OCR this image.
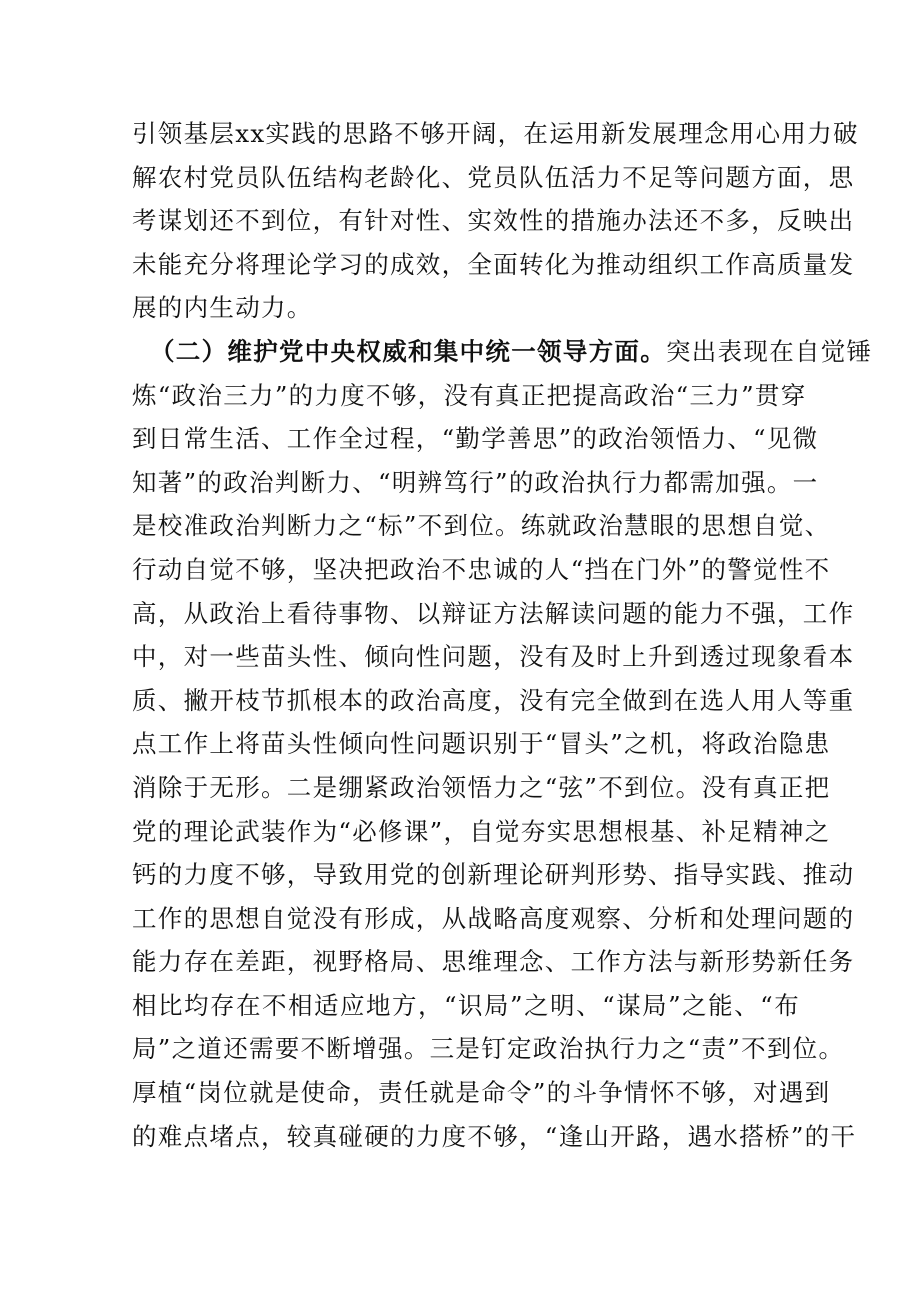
引领基层xx实践的思路不够开阔，在运用新发展理念用心用力破
解农村党员队伍结构老龄化、党员队伍活力不足等问题方面，思
考谋划还不到位，有针对性、实效性的措施办法还不多，反映出
未能充分将理论学习的成效，全面转化为推动组织工作高质量发
展的内生动力。
（二）维护党中央权威和集中统一领导方面。突出表现在自觉锤
炼“政治三力”的力度不够，没有真正把提高政治“三力”贯穿
到日常生活、工作全过程，“勤学善思”的政治领悟力、“见微
知著”的政治判断力、“明辨笃行”的政治执行力都需加强。一
是校准政治判断力之“标”不到位。练就政治慧眼的思想自觉、
行动自觉不够，坚决把政治不忠诚的人“挡在门外”的警觉性不
高，从政治上看待事物、以辩证方法解读问题的能力不强，工作
中，对一些苗头性、倾向性问题，没有及时上升到透过现象看本
质、撇开枝节抓根本的政治高度，没有完全做到在选人用人等重
点工作上将苗头性倾向性问题识别于“冒头”之机，将政治隐患
消除于无形。二是绷紧政治领悟力之“弦”不到位。没有真正把
党的理论武装作为“必修课”，自觉夯实思想根基、补足精神之
钙的力度不够，导致用党的创新理论研判形势、指导实践、推动
工作的思想自觉没有形成，从战略高度观察、分析和处理问题的
能力存在差距，视野格局、思维理念、工作方法与新形势新任务
相比均存在不相适应地方，“识局”之明、“谋局”之能、“布
局”之道还需要不断增强。三是钉定政治执行力之“责”不到位。
厚植“岗位就是使命，责任就是命令”的斗争情怀不够，对遇到
的难点堵点，较真碰硬的力度不够，“逢山开路，遇水搭桥”的干
